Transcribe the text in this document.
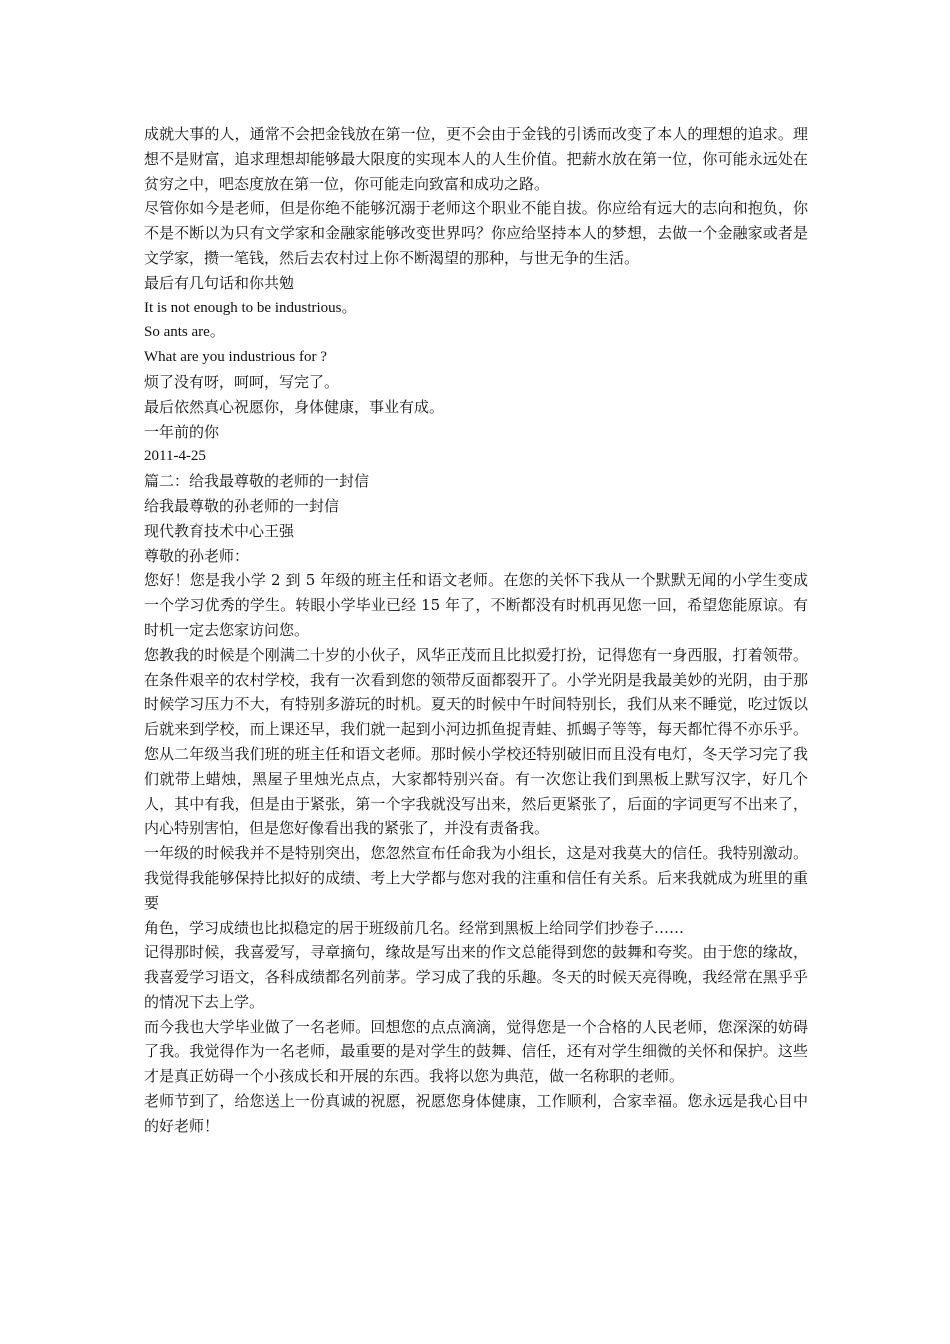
成就大事的人，通常不会把金钱放在第一位，更不会由于金钱的引诱而改变了本人的理想的追求。理想不是财富，追求理想却能够最大限度的实现本人的人生价值。把薪水放在第一位，你可能永远处在贫穷之中，吧态度放在第一位，你可能走向致富和成功之路。

尽管你如今是老师，但是你绝不能够沉溺于老师这个职业不能自拔。你应给有远大的志向和抱负，你不是不断以为只有文学家和金融家能够改变世界吗？你应给坚持本人的梦想，去做一个金融家或者是文学家，攒一笔钱，然后去农村过上你不断渴望的那种，与世无争的生活。

最后有几句话和你共勉

It is not enough to be industrious。

So ants are。

What are you industrious for ?

烦了没有呀，呵呵，写完了。

最后依然真心祝愿你，身体健康，事业有成。

一年前的你

2011-4-25

篇二：给我最尊敬的老师的一封信

给我最尊敬的孙老师的一封信

现代教育技术中心王强

尊敬的孙老师：

您好！您是我小学 2 到 5 年级的班主任和语文老师。在您的关怀下我从一个默默无闻的小学生变成一个学习优秀的学生。转眼小学毕业已经 15 年了，不断都没有时机再见您一回，希望您能原谅。有时机一定去您家访问您。

您教我的时候是个刚满二十岁的小伙子，风华正茂而且比拟爱打扮，记得您有一身西服，打着领带。在条件艰辛的农村学校，我有一次看到您的领带反面都裂开了。小学光阴是我最美妙的光阴，由于那时候学习压力不大，有特别多游玩的时机。夏天的时候中午时间特别长，我们从来不睡觉，吃过饭以后就来到学校，而上课还早，我们就一起到小河边抓鱼捉青蛙、抓蝎子等等，每天都忙得不亦乐乎。 您从二年级当我们班的班主任和语文老师。那时候小学校还特别破旧而且没有电灯，冬天学习完了我们就带上蜡烛，黑屋子里烛光点点，大家都特别兴奋。有一次您让我们到黑板上默写汉字，好几个人，其中有我，但是由于紧张，第一个字我就没写出来，然后更紧张了，后面的字词更写不出来了，内心特别害怕，但是您好像看出我的紧张了，并没有责备我。

一年级的时候我并不是特别突出，您忽然宣布任命我为小组长，这是对我莫大的信任。我特别激动。我觉得我能够保持比拟好的成绩、考上大学都与您对我的注重和信任有关系。后来我就成为班里的重要

角色，学习成绩也比拟稳定的居于班级前几名。经常到黑板上给同学们抄卷子……

记得那时候，我喜爱写，寻章摘句，缘故是写出来的作文总能得到您的鼓舞和夸奖。由于您的缘故，我喜爱学习语文，各科成绩都名列前茅。学习成了我的乐趣。冬天的时候天亮得晚，我经常在黑乎乎的情况下去上学。

而今我也大学毕业做了一名老师。回想您的点点滴滴，觉得您是一个合格的人民老师，您深深的妨碍了我。我觉得作为一名老师，最重要的是对学生的鼓舞、信任，还有对学生细微的关怀和保护。这些才是真正妨碍一个小孩成长和开展的东西。我将以您为典范，做一名称职的老师。

老师节到了，给您送上一份真诚的祝愿，祝愿您身体健康，工作顺利，合家幸福。您永远是我心目中的好老师！
